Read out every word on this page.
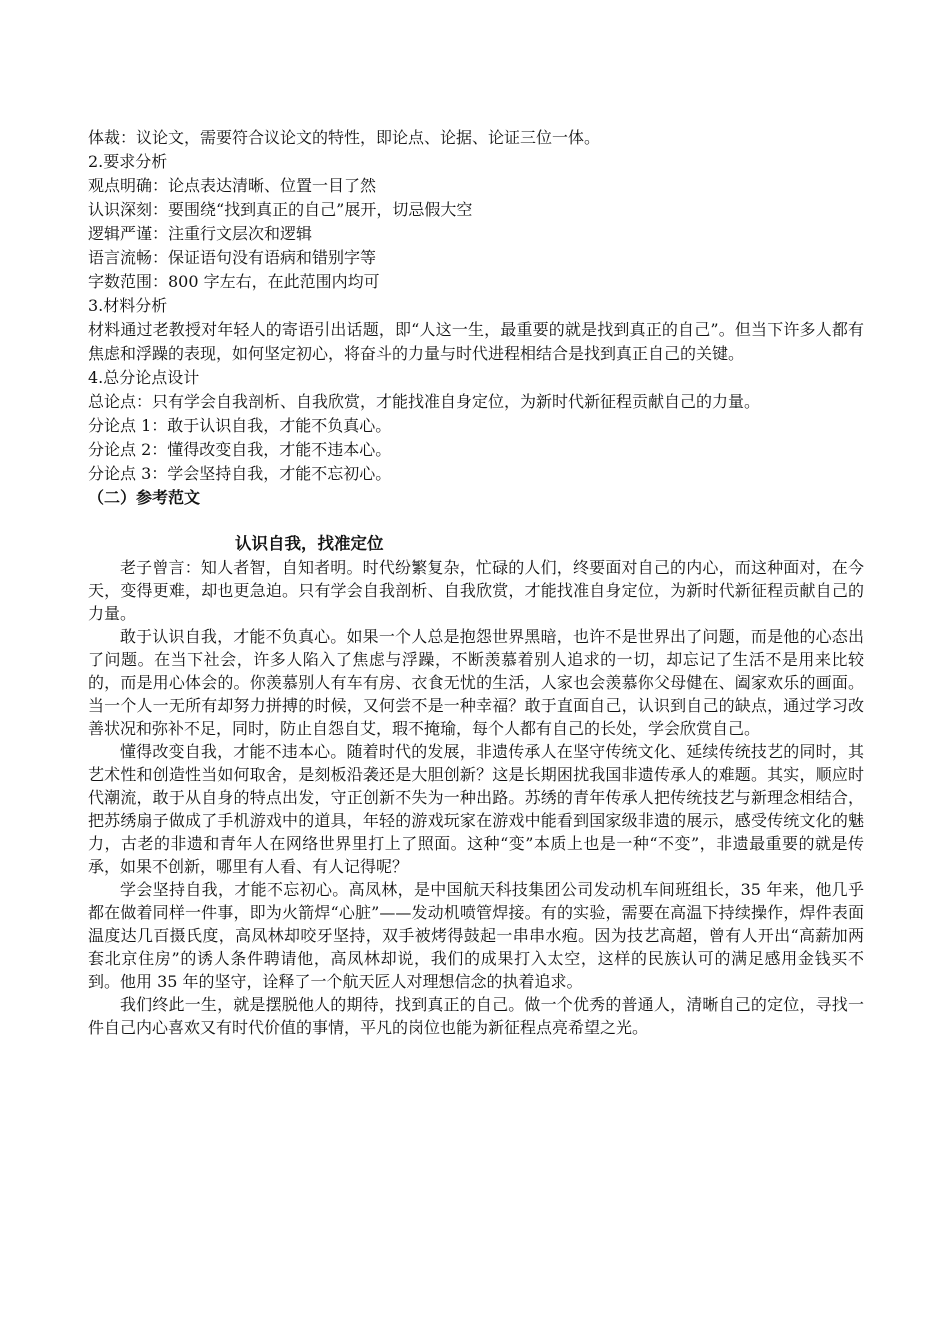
体裁：议论文，需要符合议论文的特性，即论点、论据、论证三位一体。

2.要求分析

观点明确：论点表达清晰、位置一目了然

认识深刻：要围绕“找到真正的自己”展开，切忌假大空

逻辑严谨：注重行文层次和逻辑

语言流畅：保证语句没有语病和错别字等

字数范围：800 字左右，在此范围内均可

3.材料分析

材料通过老教授对年轻人的寄语引出话题，即“人这一生，最重要的就是找到真正的自己”。但当下许多人都有焦虑和浮躁的表现，如何坚定初心，将奋斗的力量与时代进程相结合是找到真正自己的关键。

4.总分论点设计

总论点：只有学会自我剖析、自我欣赏，才能找准自身定位，为新时代新征程贡献自己的力量。

分论点 1：敢于认识自我，才能不负真心。

分论点 2：懂得改变自我，才能不违本心。

分论点 3：学会坚持自我，才能不忘初心。

（二）参考范文

认识自我，找准定位

老子曾言：知人者智，自知者明。时代纷繁复杂，忙碌的人们，终要面对自己的内心，而这种面对，在今天，变得更难，却也更急迫。只有学会自我剖析、自我欣赏，才能找准自身定位，为新时代新征程贡献自己的力量。

敢于认识自我，才能不负真心。如果一个人总是抱怨世界黑暗，也许不是世界出了问题，而是他的心态出了问题。在当下社会，许多人陷入了焦虑与浮躁，不断羡慕着别人追求的一切，却忘记了生活不是用来比较的，而是用心体会的。你羡慕别人有车有房、衣食无忧的生活，人家也会羡慕你父母健在、阖家欢乐的画面。当一个人一无所有却努力拼搏的时候，又何尝不是一种幸福？敢于直面自己，认识到自己的缺点，通过学习改善状况和弥补不足，同时，防止自怨自艾，瑕不掩瑜，每个人都有自己的长处，学会欣赏自己。

懂得改变自我，才能不违本心。随着时代的发展，非遗传承人在坚守传统文化、延续传统技艺的同时，其艺术性和创造性当如何取舍，是刻板沿袭还是大胆创新？这是长期困扰我国非遗传承人的难题。其实，顺应时代潮流，敢于从自身的特点出发，守正创新不失为一种出路。苏绣的青年传承人把传统技艺与新理念相结合，把苏绣扇子做成了手机游戏中的道具，年轻的游戏玩家在游戏中能看到国家级非遗的展示，感受传统文化的魅力，古老的非遗和青年人在网络世界里打上了照面。这种“变”本质上也是一种“不变”，非遗最重要的就是传承，如果不创新，哪里有人看、有人记得呢？

学会坚持自我，才能不忘初心。高凤林，是中国航天科技集团公司发动机车间班组长，35 年来，他几乎都在做着同样一件事，即为火箭焊“心脏”——发动机喷管焊接。有的实验，需要在高温下持续操作，焊件表面温度达几百摄氏度，高凤林却咬牙坚持，双手被烤得鼓起一串串水疱。因为技艺高超，曾有人开出“高薪加两套北京住房”的诱人条件聘请他，高凤林却说，我们的成果打入太空，这样的民族认可的满足感用金钱买不到。他用 35 年的坚守，诠释了一个航天匠人对理想信念的执着追求。

我们终此一生，就是摆脱他人的期待，找到真正的自己。做一个优秀的普通人，清晰自己的定位，寻找一件自己内心喜欢又有时代价值的事情，平凡的岗位也能为新征程点亮希望之光。
